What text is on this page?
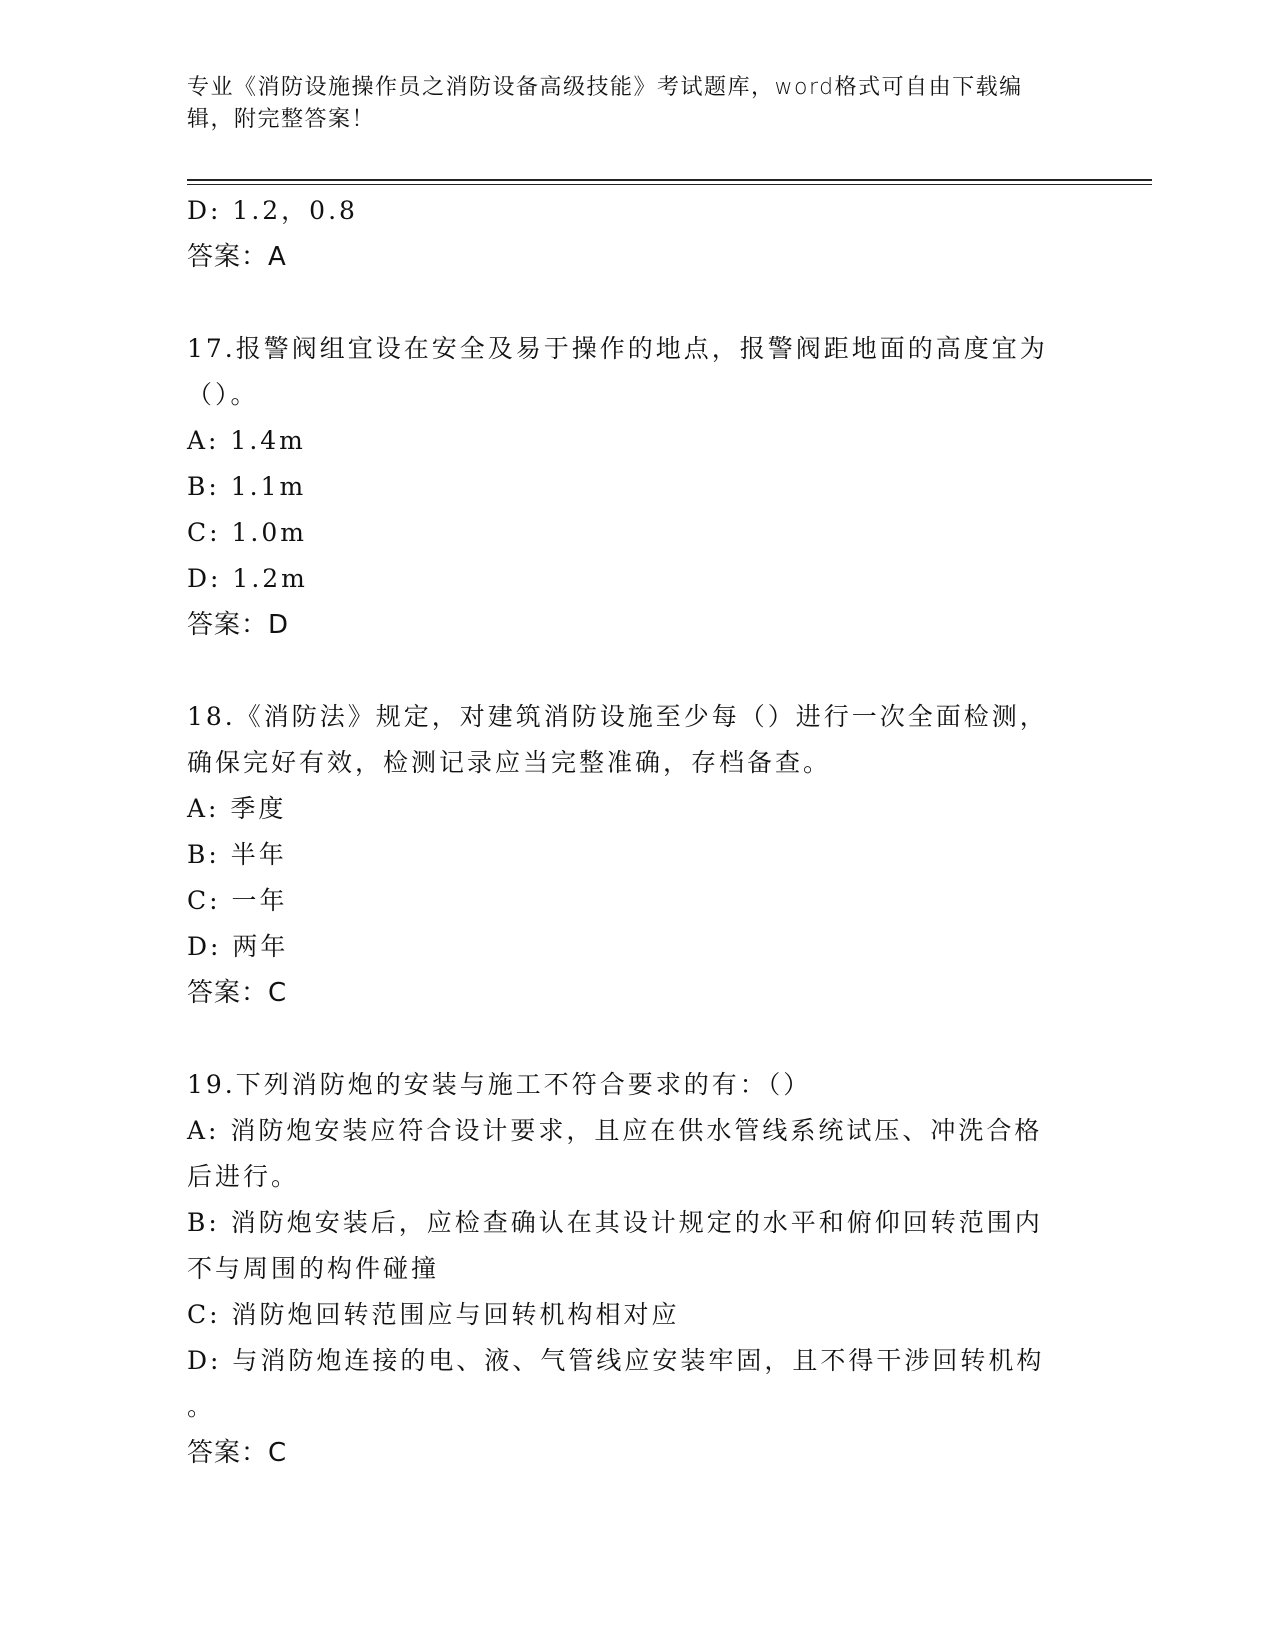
专业《消防设施操作员之消防设备高级技能》考试题库，word格式可自由下载编
辑，附完整答案！
D: 1.2，0.8
答案：A
17.报警阀组宜设在安全及易于操作的地点，报警阀距地面的高度宜为
（）。
A: 1.4m
B: 1.1m
C: 1.0m
D: 1.2m
答案：D
18.《消防法》规定，对建筑消防设施至少每（）进行一次全面检测，
确保完好有效，检测记录应当完整准确，存档备查。
A: 季度
B: 半年
C: 一年
D: 两年
答案：C
19.下列消防炮的安装与施工不符合要求的有：（）
A: 消防炮安装应符合设计要求，且应在供水管线系统试压、冲洗合格
后进行。
B: 消防炮安装后，应检查确认在其设计规定的水平和俯仰回转范围内
不与周围的构件碰撞
C: 消防炮回转范围应与回转机构相对应
D: 与消防炮连接的电、液、气管线应安装牢固，且不得干涉回转机构
。
答案：C
